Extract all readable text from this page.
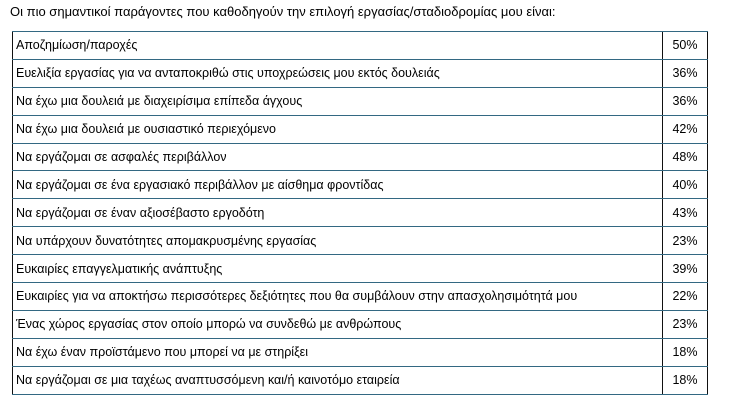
Οι πιο σημαντικοί παράγοντες που καθοδηγούν την επιλογή εργασίας/σταδιοδρομίας μου είναι:
Αποζημίωση/παροχές	50%
Ευελιξία εργασίας για να ανταποκριθώ στις υποχρεώσεις μου εκτός δουλειάς	36%
Να έχω μια δουλειά με διαχειρίσιμα επίπεδα άγχους	36%
Να έχω μια δουλειά με ουσιαστικό περιεχόμενο	42%
Να εργάζομαι σε ασφαλές περιβάλλον	48%
Να εργάζομαι σε ένα εργασιακό περιβάλλον με αίσθημα φροντίδας	40%
Να εργάζομαι σε έναν αξιοσέβαστο εργοδότη	43%
Να υπάρχουν δυνατότητες απομακρυσμένης εργασίας	23%
Ευκαιρίες επαγγελματικής ανάπτυξης	39%
Ευκαιρίες για να αποκτήσω περισσότερες δεξιότητες που θα συμβάλουν στην απασχολησιμότητά μου	22%
Ένας χώρος εργασίας στον οποίο μπορώ να συνδεθώ με ανθρώπους	23%
Να έχω έναν προϊστάμενο που μπορεί να με στηρίξει	18%
Να εργάζομαι σε μια ταχέως αναπτυσσόμενη και/ή καινοτόμο εταιρεία	18%
